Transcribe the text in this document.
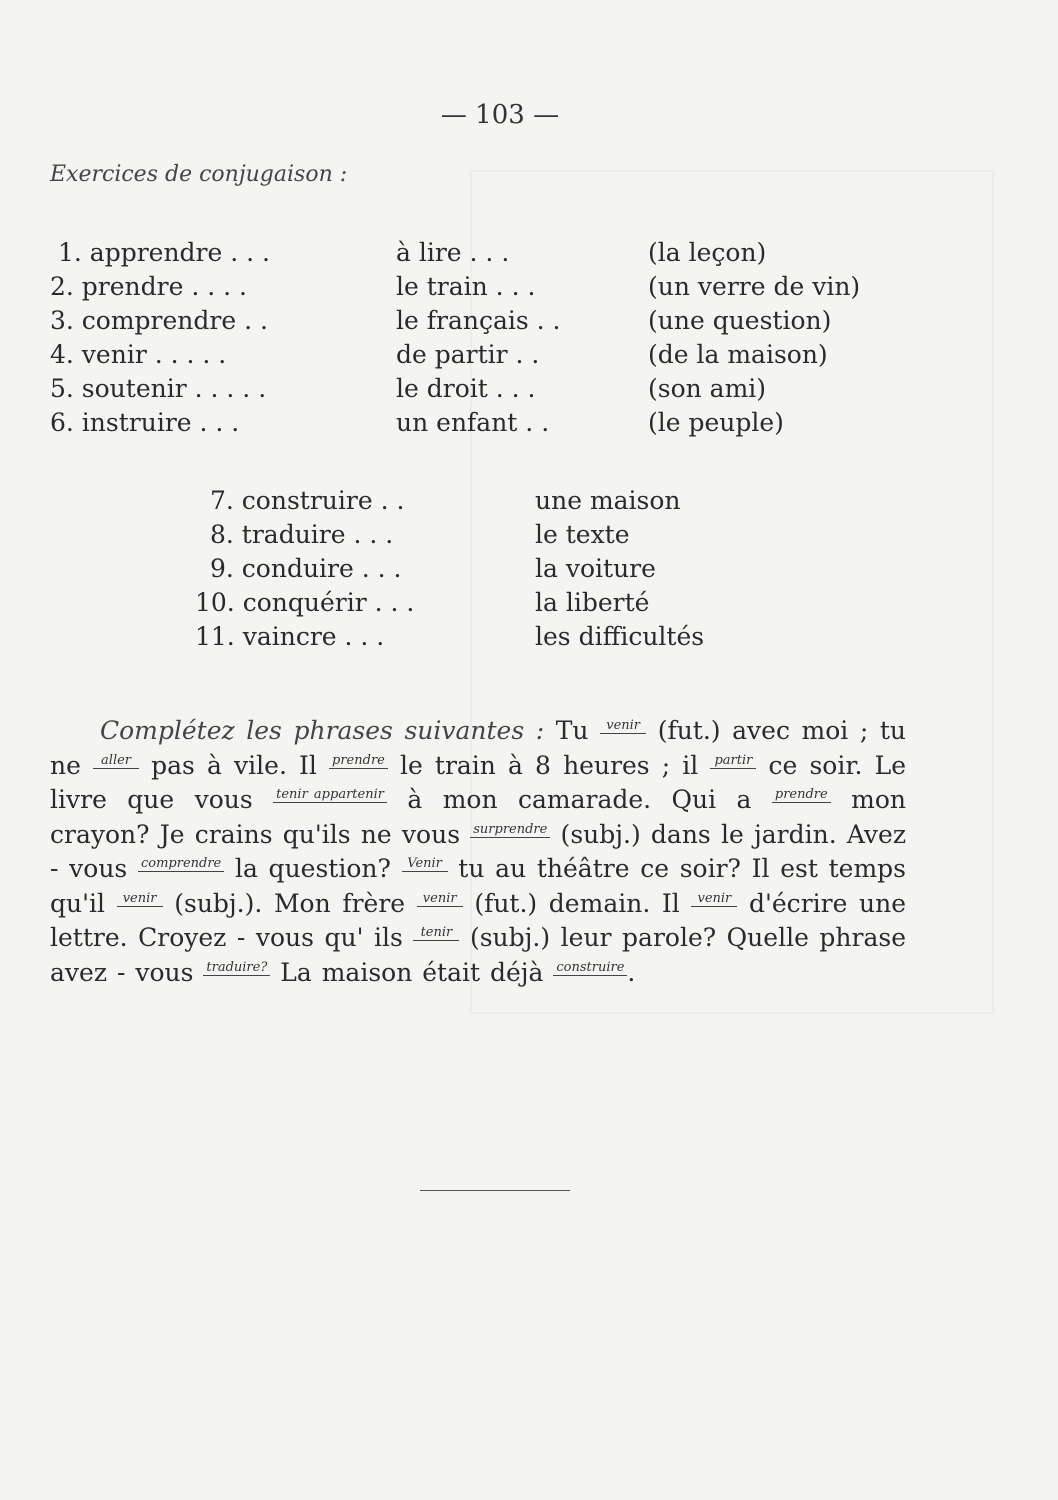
— 103 —
Exercices de conjugaison :
1. apprendre . . .	à lire . . .	(la leçon)
2. prendre . . . .	le train . . .	(un verre de vin)
3. comprendre . .	le français . .	(une question)
4. venir . . . . .	de partir . .	(de la maison)
5. soutenir . . . . .	le droit . . .	(son ami)
6. instruire . . .	un enfant . .	(le peuple)
7. construire . .	une maison
8. traduire . . .	le texte
9. conduire . . .	la voiture
10. conquérir . . .	la liberté
11. vaincre . . .	les difficultés
Complétez les phrases suivantes : Tu venir (fut.) avec moi ; tu ne aller pas à vile. Il prendre le train à 8 heures ; il partir ce soir. Le livre que vous tenir appartenir à mon camarade. Qui a prendre mon crayon? Je crains qu'ils ne vous surprendre (subj.) dans le jardin. Avez - vous comprendre la question? Venir tu au théâtre ce soir? Il est temps qu'il venir (subj.). Mon frère venir (fut.) demain. Il venir d'écrire une lettre. Croyez - vous qu' ils tenir (subj.) leur parole? Quelle phrase avez - vous traduire? La maison était déjà construire .
